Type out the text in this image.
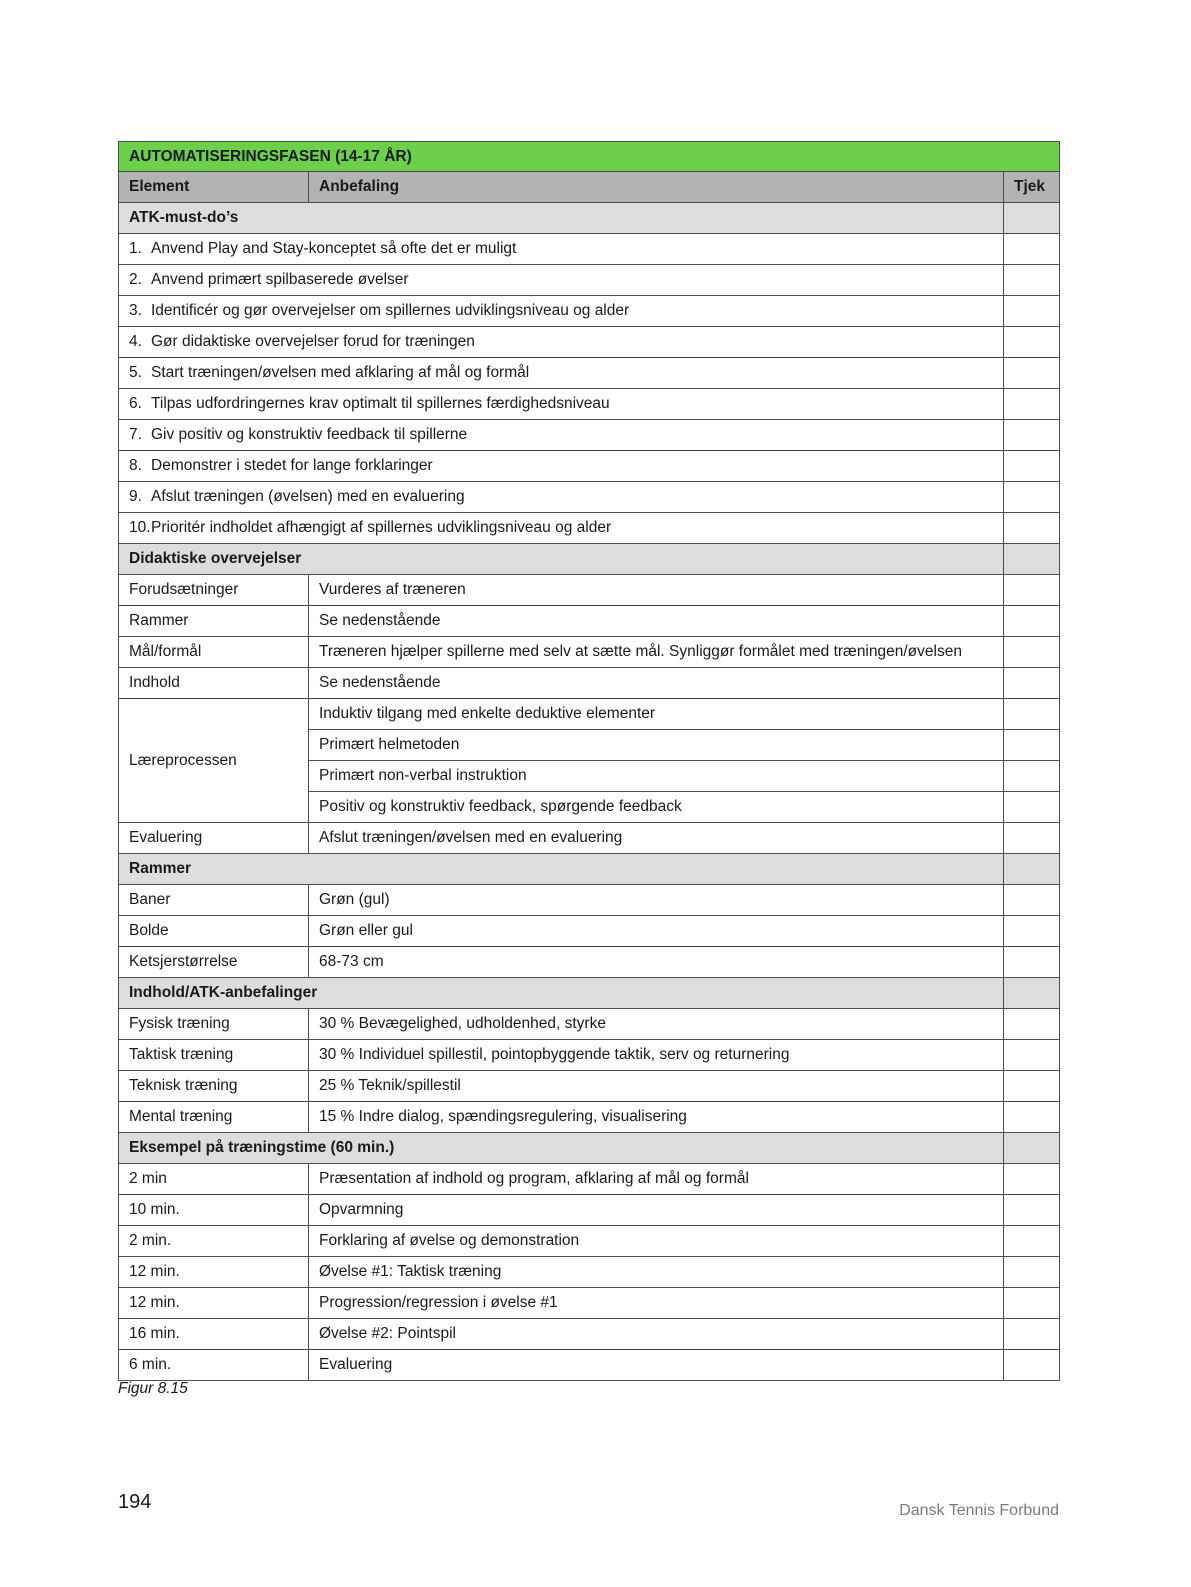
AUTOMATISERINGSFASEN (14-17 ÅR)		
Element	Anbefaling	Tjek
ATK-must-do’s		
1. Anvend Play and Stay-konceptet så ofte det er muligt		
2. Anvend primært spilbaserede øvelser		
3. Identificér og gør overvejelser om spillernes udviklingsniveau og alder		
4. Gør didaktiske overvejelser forud for træningen		
5. Start træningen/øvelsen med afklaring af mål og formål		
6. Tilpas udfordringernes krav optimalt til spillernes færdighedsniveau		
7. Giv positiv og konstruktiv feedback til spillerne		
8. Demonstrer i stedet for lange forklaringer		
9. Afslut træningen (øvelsen) med en evaluering		
10.Prioritér indholdet afhængigt af spillernes udviklingsniveau og alder		
Didaktiske overvejelser		
Forudsætninger	Vurderes af træneren	
Rammer	Se nedenstående	
Mål/formål	Træneren hjælper spillerne med selv at sætte mål. Synliggør formålet med træningen/øvelsen	
Indhold	Se nedenstående	
Læreprocessen	Induktiv tilgang med enkelte deduktive elementer	
	Primært helmetoden	
	Primært non-verbal instruktion	
	Positiv og konstruktiv feedback, spørgende feedback	
Evaluering	Afslut træningen/øvelsen med en evaluering	
Rammer		
Baner	Grøn (gul)	
Bolde	Grøn eller gul	
Ketsjerstørrelse	68-73 cm	
Indhold/ATK-anbefalinger		
Fysisk træning	30 % Bevægelighed, udholdenhed, styrke	
Taktisk træning	30 % Individuel spillestil, pointopbyggende taktik, serv og returnering	
Teknisk træning	25 % Teknik/spillestil	
Mental træning	15 % Indre dialog, spændingsregulering, visualisering	
Eksempel på træningstime (60 min.)		
2 min	Præsentation af indhold og program, afklaring af mål og formål	
10 min.	Opvarmning	
2 min.	Forklaring af øvelse og demonstration	
12 min.	Øvelse #1: Taktisk træning	
12 min.	Progression/regression i øvelse #1	
16 min.	Øvelse #2: Pointspil	
6 min.	Evaluering	
Figur 8.15
194	Dansk Tennis Forbund
